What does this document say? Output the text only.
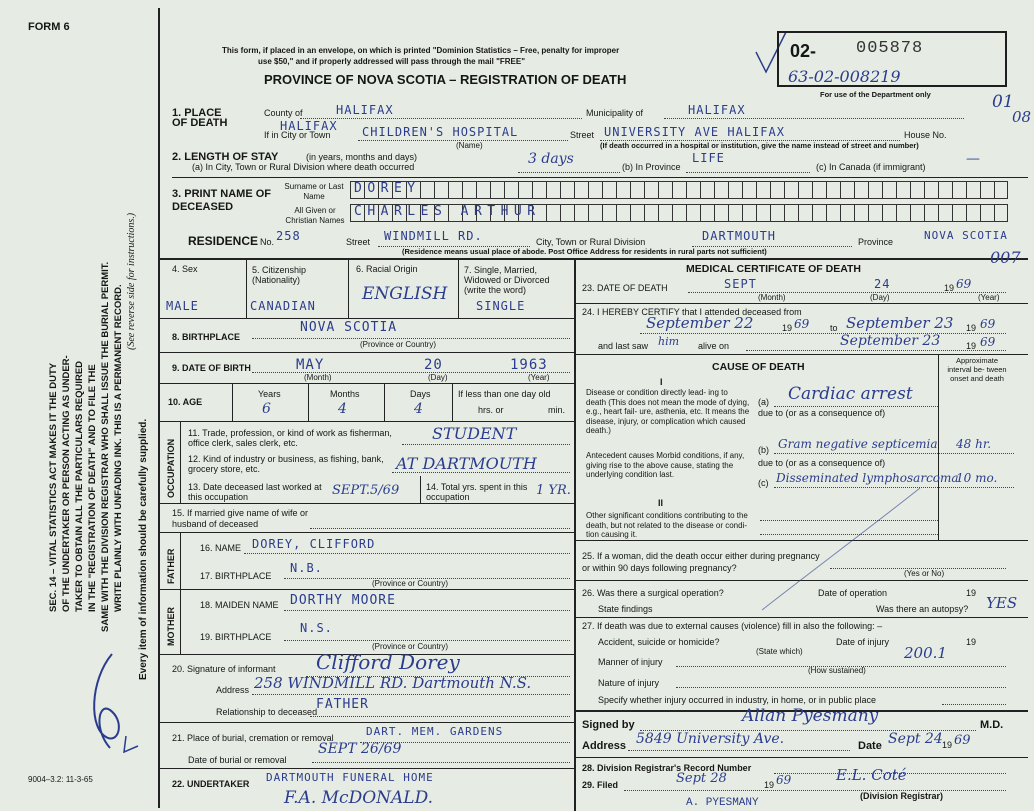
FORM 6
SEC. 14 – VITAL STATISTICS ACT MAKES IT THE DUTY OF THE UNDERTAKER OR PERSON ACTING AS UNDER- TAKER TO OBTAIN ALL THE PARTICULARS REQUIRED IN THE "REGISTRATION OF DEATH" AND TO FILE THE SAME WITH THE DIVISION REGISTRAR WHO SHALL ISSUE THE BURIAL PERMIT. WRITE PLAINLY WITH UNFADING INK. THIS IS A PERMANENT RECORD.
(See reverse side for instructions.)
Every item of information should be carefully supplied.
9004–3.2: 11-3-65
This form, if placed in an envelope, on which is printed "Dominion Statistics – Free, penalty for improper
use $50," and if properly addressed will pass through the mail "FREE"
PROVINCE OF NOVA SCOTIA – REGISTRATION OF DEATH
02- 005878
63-02-008219
For use of the Department only	01
08
1. PLACE OF DEATH
County of	HALIFAX	Municipality of	HALIFAX
If in City or Town
HALIFAX CHILDREN'S HOSPITAL
(Name)
Street UNIVERSITY AVE HALIFAX	House No.
(If death occurred in a hospital or institution, give the name instead of street and number)
2. LENGTH OF STAY	(in years, months and days)
(a) In City, Town or Rural Division where death occurred	3 days	(b) In Province
LIFE
(c) In Canada (if immigrant)	—
3. PRINT NAME OF DECEASED
Surname or Last Name
All Given or Christian Names
DOREY
CHARLES ARTHUR
RESIDENCE No. 258	Street WINDMILL RD.	City, Town or Rural Division	DARTMOUTH	Province	NOVA SCOTIA
(Residence means usual place of abode. Post Office Address for residents in rural parts not sufficient)
4. Sex
MALE
5. Citizenship (Nationality)
CANADIAN
6. Racial Origin
ENGLISH
7. Single, Married, Widowed or Divorced (write the word)
SINGLE
8. BIRTHPLACE
NOVA SCOTIA
(Province or Country)
9. DATE OF BIRTH	MAY	20	1963
(Month)	(Day)	(Year)
10. AGE
Years
6
Months
4
Days
4
If less than one day old
hrs. or	min.
OCCUPATION
11. Trade, profession, or kind of work as fisherman, office clerk, sales clerk, etc.	STUDENT
12. Kind of industry or business, as fishing, bank, grocery store, etc.	AT DARTMOUTH
13. Date deceased last worked at this occupation	SEPT.5/69	14. Total yrs. spent in this occupation	1 YR.
15. If married give name of wife or husband of deceased
FATHER
16. NAME DOREY, CLIFFORD
17. BIRTHPLACE
N.B.
(Province or Country)
MOTHER
18. MAIDEN NAME DORTHY MOORE
19. BIRTHPLACE
N.S.
(Province or Country)
20. Signature of informant Clifford Dorey
Address 258 WINDMILL RD. Dartmouth N.S.
Relationship to deceased
FATHER
21. Place of burial, cremation or removal	DART. MEM. GARDENS
Date of burial or removal
SEPT 26/69
22. UNDERTAKER DARTMOUTH FUNERAL HOME
F.A. McDONALD.
MEDICAL CERTIFICATE OF DEATH
007
23. DATE OF DEATH	SEPT	24	19 69
(Month)	(Day)	(Year)
24. I HEREBY CERTIFY that I attended deceased from
September 22	19 69 to September 23 19 69
and last saw him alive on	September 23	19 69
CAUSE OF DEATH
Approximate interval be- tween onset and death
I
Disease or condition directly lead- ing to death (This does not mean the mode of dying, e.g., heart fail- ure, asthenia, etc. It means the disease, injury, or complication which caused death.)
(a) Cardiac arrest
due to (or as a consequence of)
Antecedent causes Morbid conditions, if any, giving rise to the above cause, stating the underlying condition last.
(b) Gram negative septicemia 48 hr.
due to (or as a consequence of)
(c) Disseminated lymphosarcoma
10 mo.
II
Other significant conditions contributing to the death, but not related to the disease or condi- tion causing it.
25. If a woman, did the death occur either during pregnancy or within 90 days following pregnancy?
(Yes or No)
26. Was there a surgical operation?	Date of operation	19
State findings	Was there an autopsy? YES
27. If death was due to external causes (violence) fill in also the following: –
Accident, suicide or homicide?	Date of injury	19
(State which)	200.1
Manner of injury
(How sustained)
Nature of injury
Specify whether injury occurred in industry, in home, or in public place
Signed by	Allan Pyesmany	M.D.
Address 5849 University Ave.	Date Sept 24 19 69
28. Division Registrar's Record Number
29. Filed	Sept 28	19 69	E.L. Coté
(Division Registrar)
A. PYESMANY
